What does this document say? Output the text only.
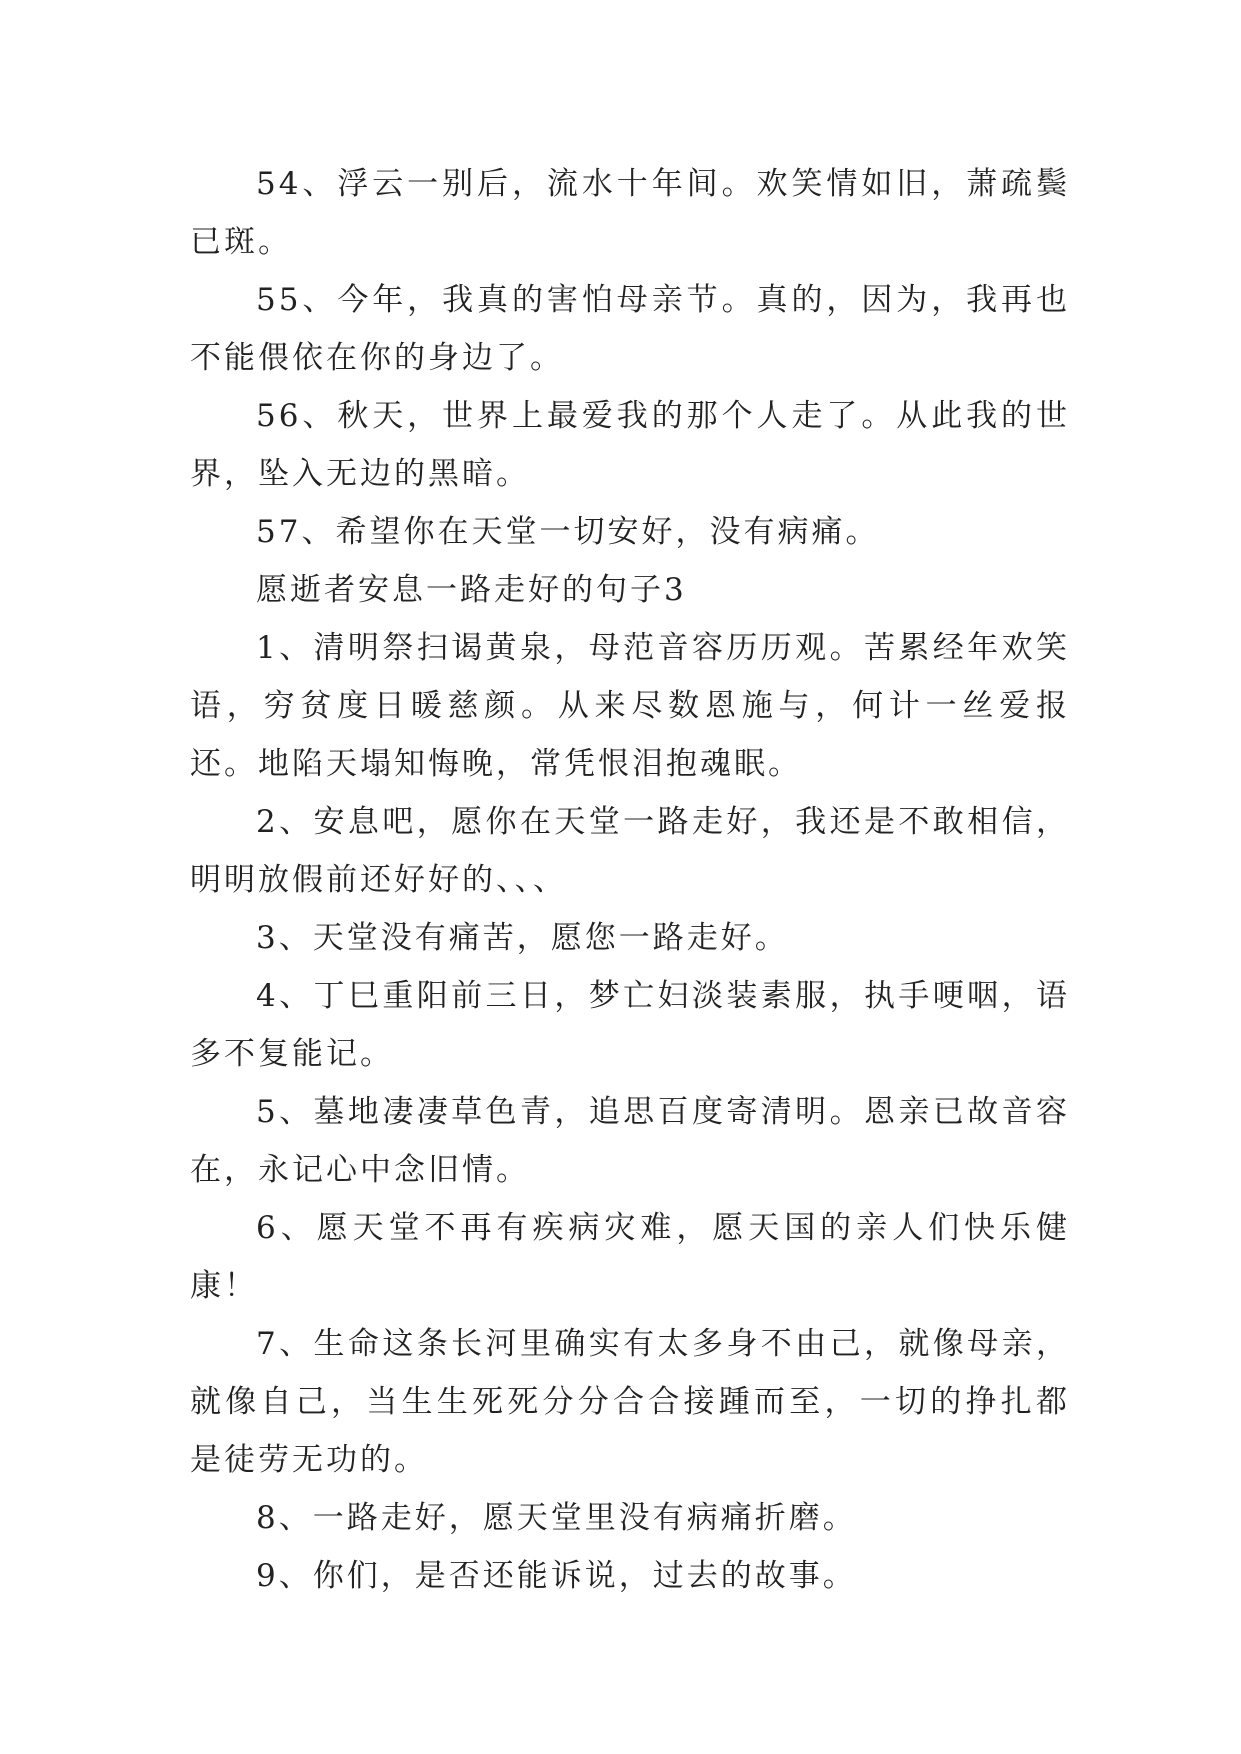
54、浮云一别后，流水十年间。欢笑情如旧，萧疏鬓已斑。

55、今年，我真的害怕母亲节。真的，因为，我再也不能偎依在你的身边了。

56、秋天，世界上最爱我的那个人走了。从此我的世界，坠入无边的黑暗。

57、希望你在天堂一切安好，没有病痛。

愿逝者安息一路走好的句子3

1、清明祭扫谒黄泉，母范音容历历观。苦累经年欢笑语，穷贫度日暖慈颜。从来尽数恩施与，何计一丝爱报还。地陷天塌知悔晚，常凭恨泪抱魂眠。

2、安息吧，愿你在天堂一路走好，我还是不敢相信，明明放假前还好好的、、、

3、天堂没有痛苦，愿您一路走好。

4、丁巳重阳前三日，梦亡妇淡装素服，执手哽咽，语多不复能记。

5、墓地凄凄草色青，追思百度寄清明。恩亲已故音容在，永记心中念旧情。

6、愿天堂不再有疾病灾难，愿天国的亲人们快乐健康！

7、生命这条长河里确实有太多身不由己，就像母亲，就像自己，当生生死死分分合合接踵而至，一切的挣扎都是徒劳无功的。

8、一路走好，愿天堂里没有病痛折磨。

9、你们，是否还能诉说，过去的故事。
